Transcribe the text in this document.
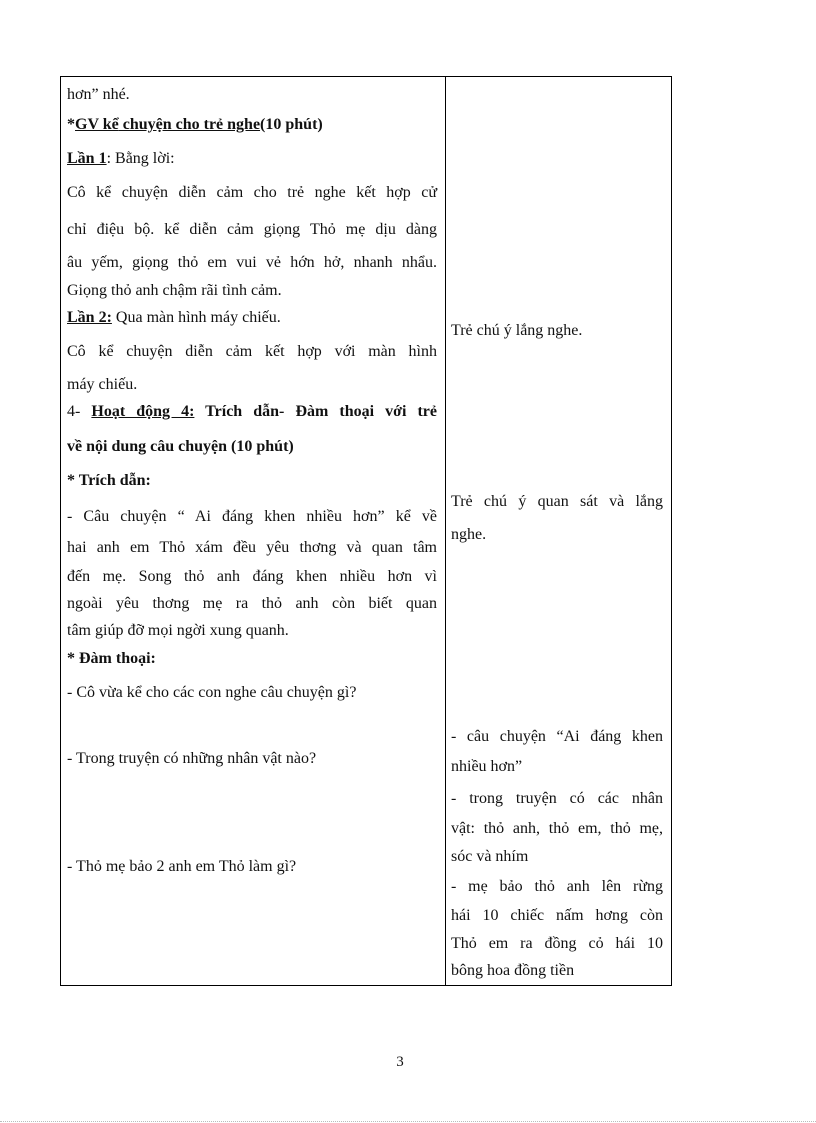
hơn” nhé.
*GV kể chuyện cho trẻ nghe(10 phút)
Lần 1: Bằng lời:
Cô kể chuyện diễn cảm cho trẻ nghe kết hợp cử
chỉ điệu bộ. kể diễn cảm giọng Thỏ mẹ dịu dàng
âu yếm, giọng thỏ em vui vẻ hớn hở, nhanh nhẩu.
Giọng thỏ anh chậm rãi tình cảm.
Lần 2: Qua màn hình máy chiếu.
Cô kể chuyện diễn cảm kết hợp với màn hình
máy chiếu.
4- Hoạt động 4: Trích dẫn- Đàm thoại với trẻ
về nội dung câu chuyện (10 phút)
* Trích dẫn:
- Câu chuyện “ Ai đáng khen nhiều hơn” kể về
hai anh em Thỏ xám đều yêu thơng và quan tâm
đến mẹ. Song thỏ anh đáng khen nhiều hơn vì
ngoài yêu thơng mẹ ra thỏ anh còn biết quan
tâm giúp đỡ mọi ngời xung quanh.
* Đàm thoại:
- Cô vừa kể cho các con nghe câu chuyện gì?
- Trong truyện có những nhân vật nào?
- Thỏ mẹ bảo 2 anh em Thỏ làm gì?
Trẻ chú ý lắng nghe.
Trẻ chú ý quan sát và lắng
nghe.
- câu chuyện “Ai đáng khen
nhiều hơn”
- trong truyện có các nhân
vật: thỏ anh, thỏ em, thỏ mẹ,
sóc và nhím
- mẹ bảo thỏ anh lên rừng
hái 10 chiếc nấm hơng còn
Thỏ em ra đồng cỏ hái 10
bông hoa đồng tiền
3
